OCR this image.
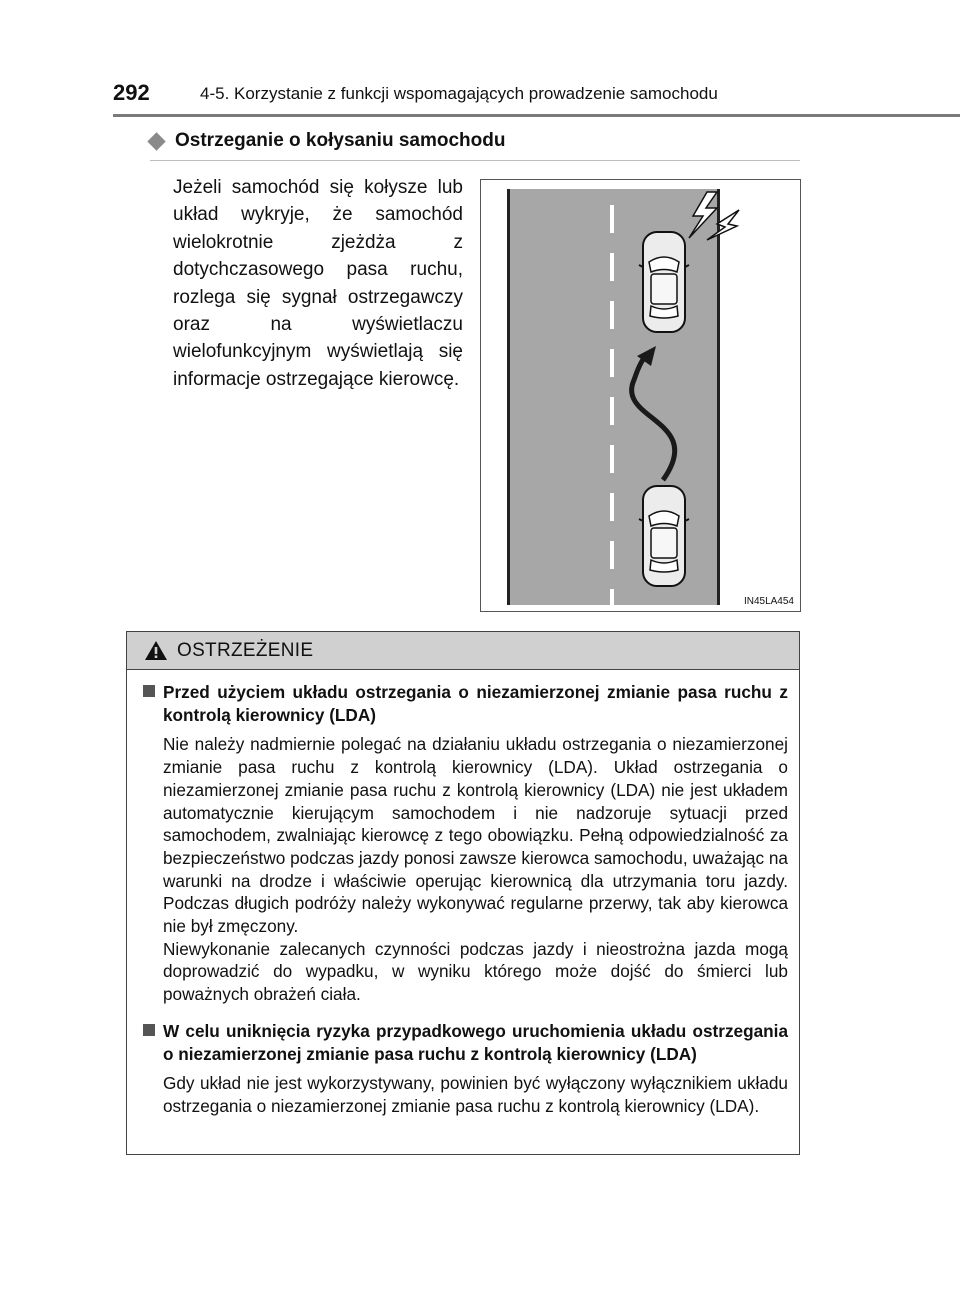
292	4-5. Korzystanie z funkcji wspomagających prowadzenie samochodu
Ostrzeganie o kołysaniu samochodu
Jeżeli samochód się kołysze lub układ wykryje, że samochód wielokrotnie zjeżdża z dotychczasowego pasa ruchu, rozlega się sygnał ostrzegawczy oraz na wyświetlaczu wielofunkcyjnym wyświetlają się informacje ostrzegające kierowcę.
IN45LA454
OSTRZEŻENIE
Przed użyciem układu ostrzegania o niezamierzonej zmianie pasa ruchu z kontrolą kierownicy (LDA)

Nie należy nadmiernie polegać na działaniu układu ostrzegania o niezamierzonej zmianie pasa ruchu z kontrolą kierownicy (LDA). Układ ostrzegania o niezamierzonej zmianie pasa ruchu z kontrolą kierownicy (LDA) nie jest układem automatycznie kierującym samochodem i nie nadzoruje sytuacji przed samochodem, zwalniając kierowcę z tego obowiązku. Pełną odpowiedzialność za bezpieczeństwo podczas jazdy ponosi zawsze kierowca samochodu, uważając na warunki na drodze i właściwie operując kierownicą dla utrzymania toru jazdy. Podczas długich podróży należy wykonywać regularne przerwy, tak aby kierowca nie był zmęczony.

Niewykonanie zalecanych czynności podczas jazdy i nieostrożna jazda mogą doprowadzić do wypadku, w wyniku którego może dojść do śmierci lub poważnych obrażeń ciała.

W celu uniknięcia ryzyka przypadkowego uruchomienia układu ostrzegania o niezamierzonej zmianie pasa ruchu z kontrolą kierownicy (LDA)

Gdy układ nie jest wykorzystywany, powinien być wyłączony wyłącznikiem układu ostrzegania o niezamierzonej zmianie pasa ruchu z kontrolą kierownicy (LDA).
